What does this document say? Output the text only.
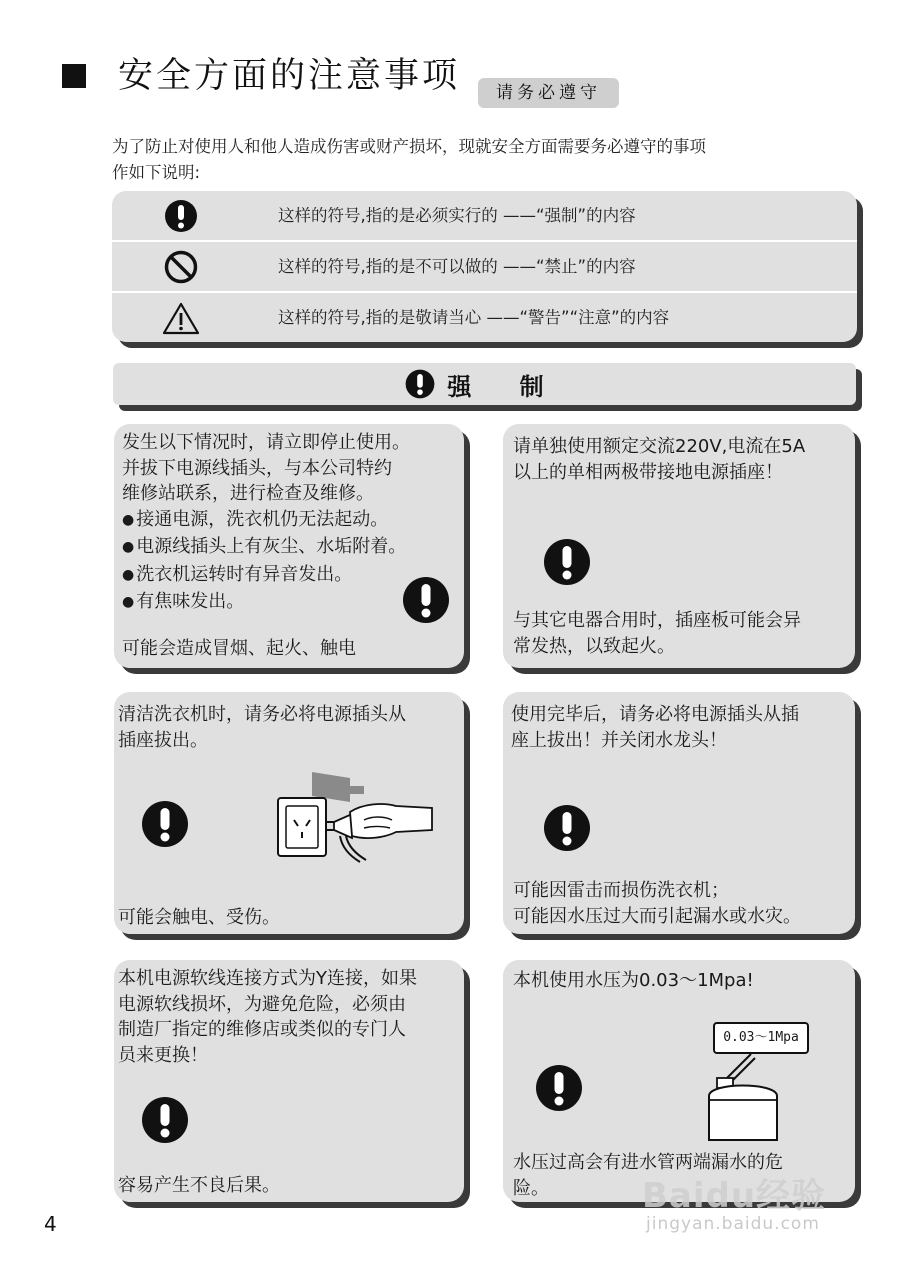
安全方面的注意事项	请务必遵守
为了防止对使用人和他人造成伤害或财产损坏，现就安全方面需要务必遵守的事项
作如下说明:
这样的符号,指的是必须实行的 ——“强制”的内容
这样的符号,指的是不可以做的 ——“禁止”的内容
这样的符号,指的是敬请当心 ——“警告”“注意”的内容
强 制
发生以下情况时，请立即停止使用。
并拔下电源线插头，与本公司特约
维修站联系，进行检查及维修。
● 接通电源，洗衣机仍无法起动。
● 电源线插头上有灰尘、水垢附着。
● 洗衣机运转时有异音发出。
● 有焦味发出。
可能会造成冒烟、起火、触电
请单独使用额定交流220V,电流在5A
以上的单相两极带接地电源插座！
与其它电器合用时，插座板可能会异
常发热，以致起火。
清洁洗衣机时，请务必将电源插头从
插座拔出。
可能会触电、受伤。
使用完毕后，请务必将电源插头从插
座上拔出！并关闭水龙头！
可能因雷击而损伤洗衣机；
可能因水压过大而引起漏水或水灾。
本机电源软线连接方式为Y连接，如果
电源软线损坏，为避免危险，必须由
制造厂指定的维修店或类似的专门人
员来更换！
容易产生不良后果。
本机使用水压为0.03～1Mpa!
0.03～1Mpa
水压过高会有进水管两端漏水的危
险。
4
Baidu经验
jingyan.baidu.com
